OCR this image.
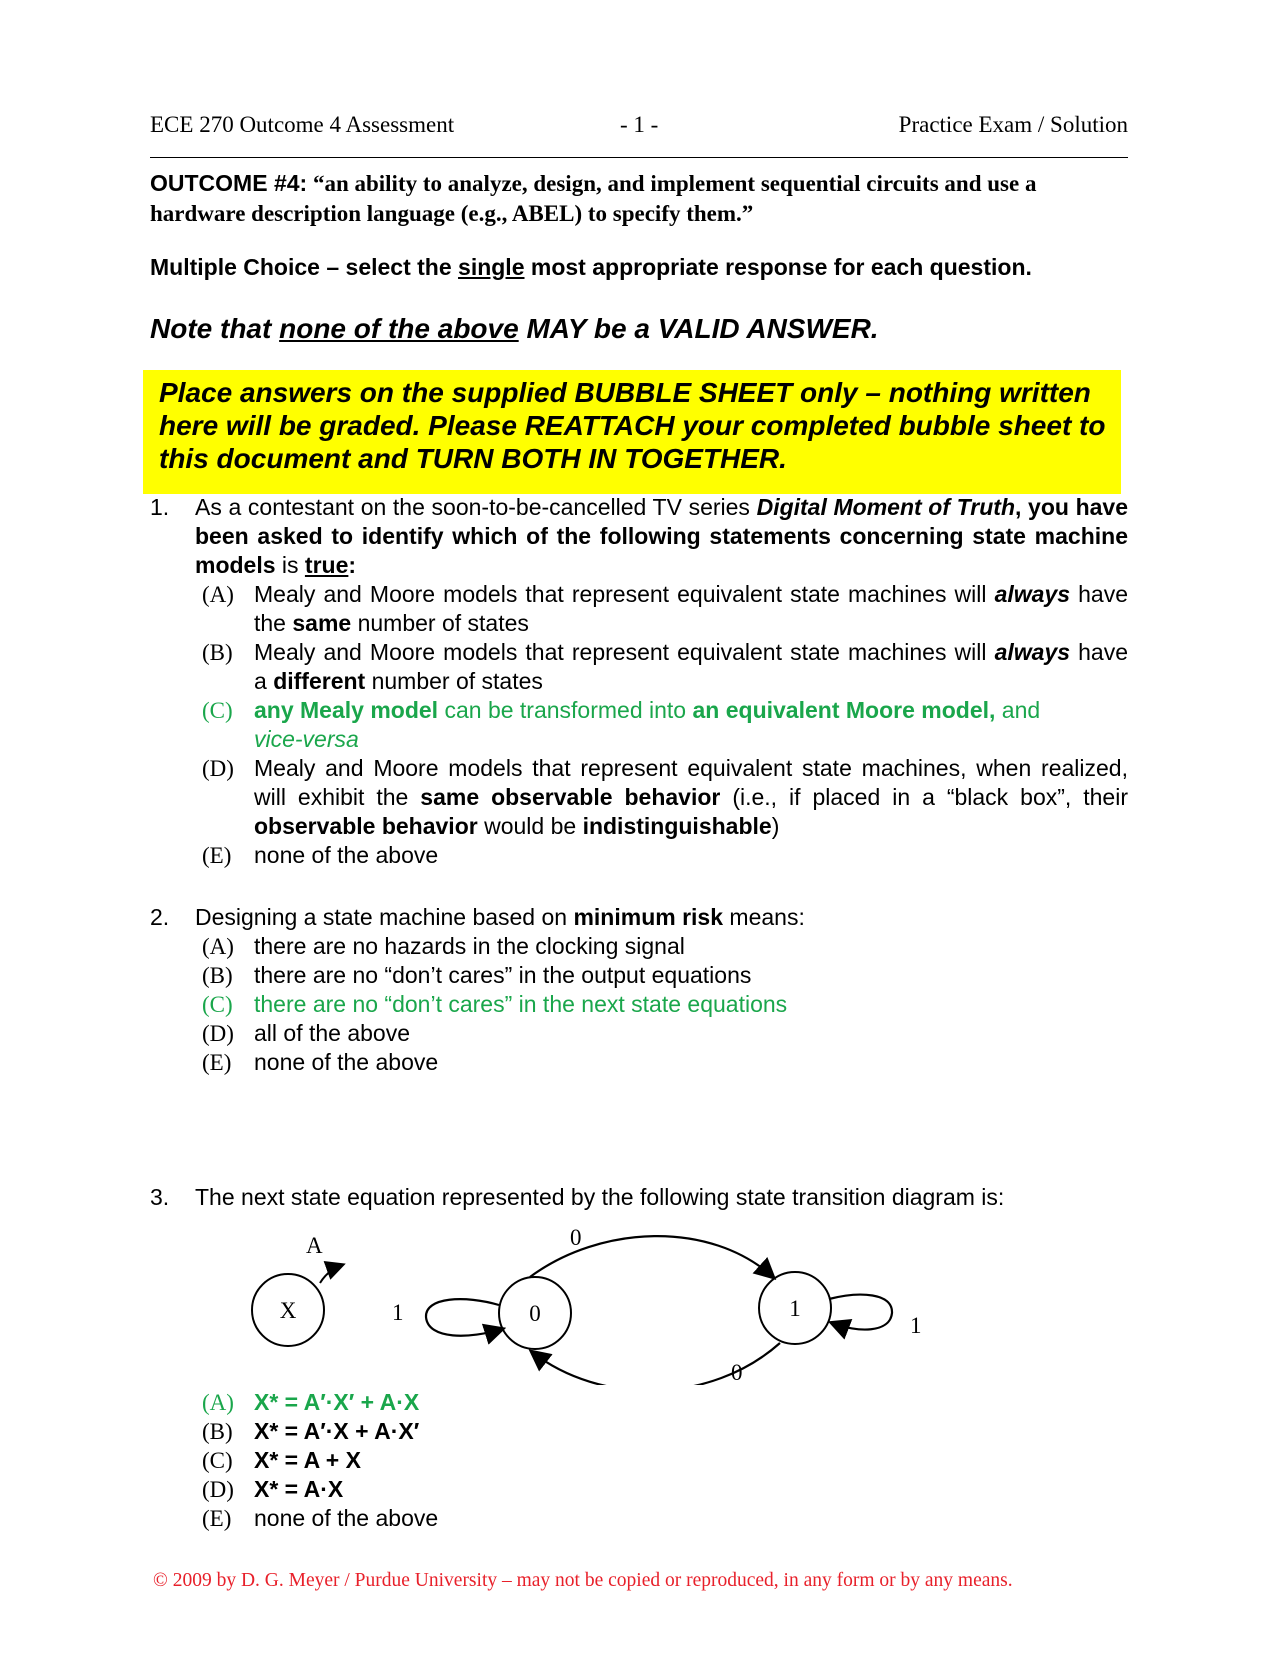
ECE 270 Outcome 4 Assessment	- 1 -	Practice Exam / Solution
OUTCOME #4: “an ability to analyze, design, and implement sequential circuits and use a hardware description language (e.g., ABEL) to specify them.”
Multiple Choice – select the single most appropriate response for each question.
Note that none of the above MAY be a VALID ANSWER.
Place answers on the supplied BUBBLE SHEET only – nothing written here will be graded. Please REATTACH your completed bubble sheet to this document and TURN BOTH IN TOGETHER.
1. As a contestant on the soon-to-be-cancelled TV series Digital Moment of Truth, you have been asked to identify which of the following statements concerning state machine models is true:
(A) Mealy and Moore models that represent equivalent state machines will always have the same number of states
(B) Mealy and Moore models that represent equivalent state machines will always have a different number of states
(C) any Mealy model can be transformed into an equivalent Moore model, and
vice-versa
(D) Mealy and Moore models that represent equivalent state machines, when realized, will exhibit the same observable behavior (i.e., if placed in a “black box”, their observable behavior would be indistinguishable)
(E) none of the above
2. Designing a state machine based on minimum risk means:
(A) there are no hazards in the clocking signal
(B) there are no “don’t cares” in the output equations
(C) there are no “don’t cares” in the next state equations
(D) all of the above
(E) none of the above
3. The next state equation represented by the following state transition diagram is:
X
A
0	1
0
0
1
1
(A) X* = A′·X′ + A·X
(B) X* = A′·X + A·X′
(C) X* = A + X
(D) X* = A·X
(E) none of the above
© 2009 by D. G. Meyer / Purdue University – may not be copied or reproduced, in any form or by any means.
